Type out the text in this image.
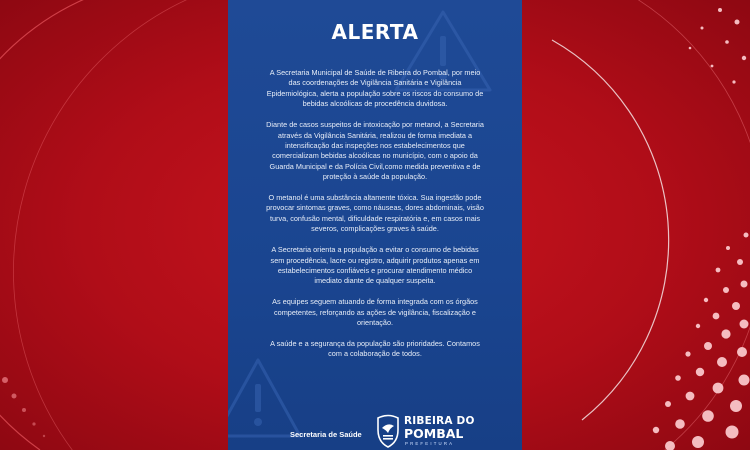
ALERTA

A Secretaria Municipal de Saúde de Ribeira do Pombal, por meio das coordenações de Vigilância Sanitária e Vigilância Epidemiológica, alerta a população sobre os riscos do consumo de bebidas alcoólicas de procedência duvidosa.

Diante de casos suspeitos de intoxicação por metanol, a Secretaria através da Vigilância Sanitária, realizou de forma imediata a intensificação das inspeções nos estabelecimentos que comercializam bebidas alcoólicas no município, com o apoio da Guarda Municipal e da Polícia Civil,como medida preventiva e de proteção à saúde da população.

O metanol é uma substância altamente tóxica. Sua ingestão pode provocar sintomas graves, como náuseas, dores abdominais, visão turva, confusão mental, dificuldade respiratória e, em casos mais severos, complicações graves à saúde.

A Secretaria orienta a população a evitar o consumo de bebidas sem procedência, lacre ou registro, adquirir produtos apenas em estabelecimentos confiáveis e procurar atendimento médico imediato diante de qualquer suspeita.

As equipes seguem atuando de forma integrada com os órgãos competentes, reforçando as ações de vigilância, fiscalização e orientação.

A saúde e a segurança da população são prioridades. Contamos com a colaboração de todos.

Secretaria de Saúde
RIBEIRA DO
POMBAL
PREFEITURA
